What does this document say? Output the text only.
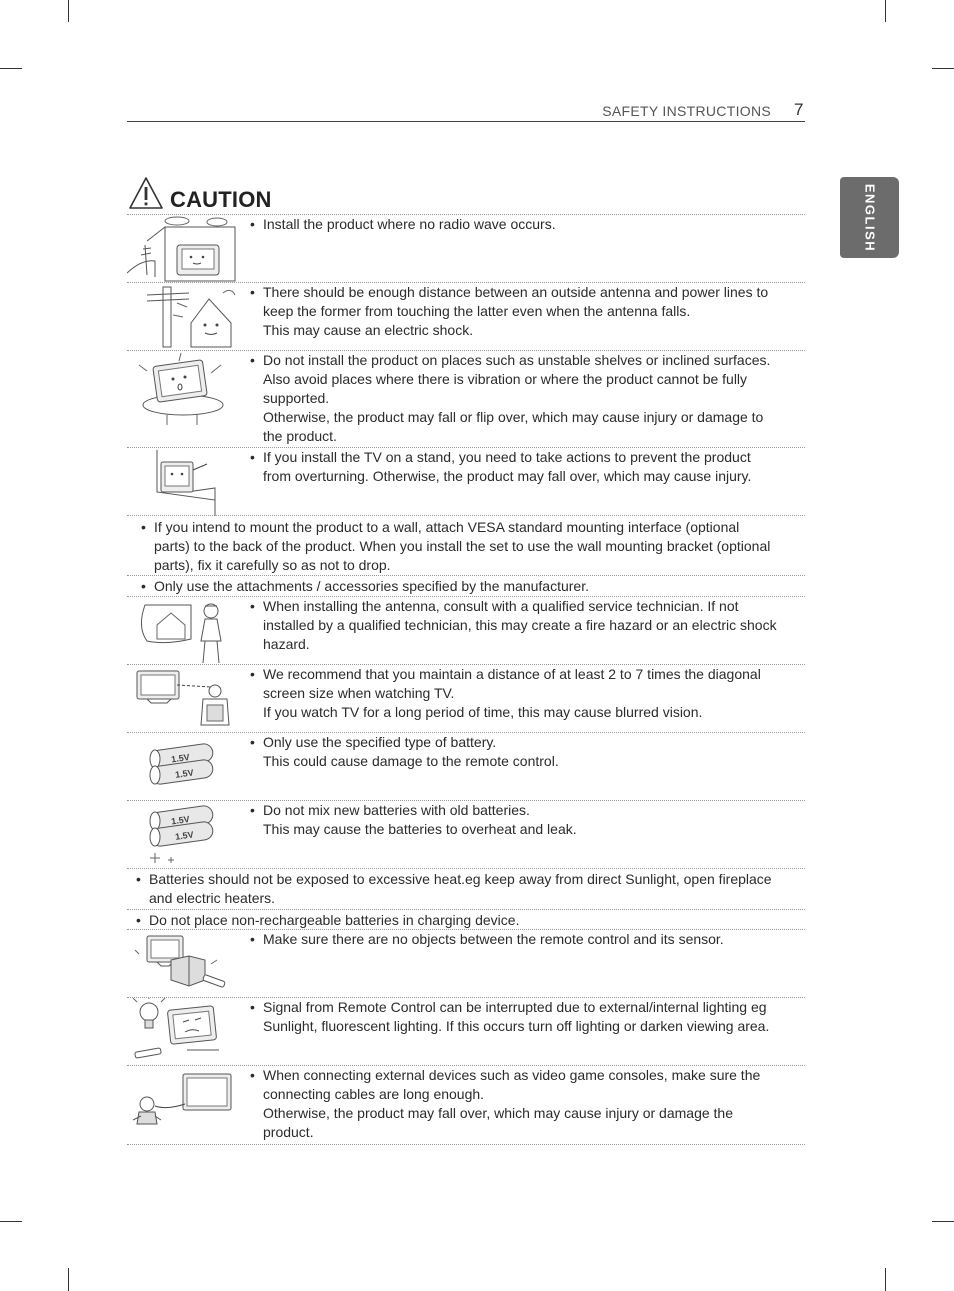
SAFETY INSTRUCTIONS 7
ENGLISH
CAUTION
• Install the product where no radio wave occurs.
• There should be enough distance between an outside antenna and power lines to
keep the former from touching the latter even when the antenna falls.
This may cause an electric shock.
• Do not install the product on places such as unstable shelves or inclined surfaces.
Also avoid places where there is vibration or where the product cannot be fully
supported.
Otherwise, the product may fall or flip over, which may cause injury or damage to
the product.
• If you install the TV on a stand, you need to take actions to prevent the product
from overturning. Otherwise, the product may fall over, which may cause injury.
• If you intend to mount the product to a wall, attach VESA standard mounting interface (optional
parts) to the back of the product. When you install the set to use the wall mounting bracket (optional
parts), fix it carefully so as not to drop.
• Only use the attachments / accessories specified by the manufacturer.
• When installing the antenna, consult with a qualified service technician. If not
installed by a qualified technician, this may create a fire hazard or an electric shock
hazard.
• We recommend that you maintain a distance of at least 2 to 7 times the diagonal
screen size when watching TV.
If you watch TV for a long period of time, this may cause blurred vision.
1.5V
1.5V
• Only use the specified type of battery.
This could cause damage to the remote control.
1.5V
1.5V
• Do not mix new batteries with old batteries.
This may cause the batteries to overheat and leak.
• Batteries should not be exposed to excessive heat.eg keep away from direct Sunlight, open fireplace
and electric heaters.
• Do not place non-rechargeable batteries in charging device.
• Make sure there are no objects between the remote control and its sensor.
• Signal from Remote Control can be interrupted due to external/internal lighting eg
Sunlight, fluorescent lighting. If this occurs turn off lighting or darken viewing area.
• When connecting external devices such as video game consoles, make sure the
connecting cables are long enough.
Otherwise, the product may fall over, which may cause injury or damage the
product.
